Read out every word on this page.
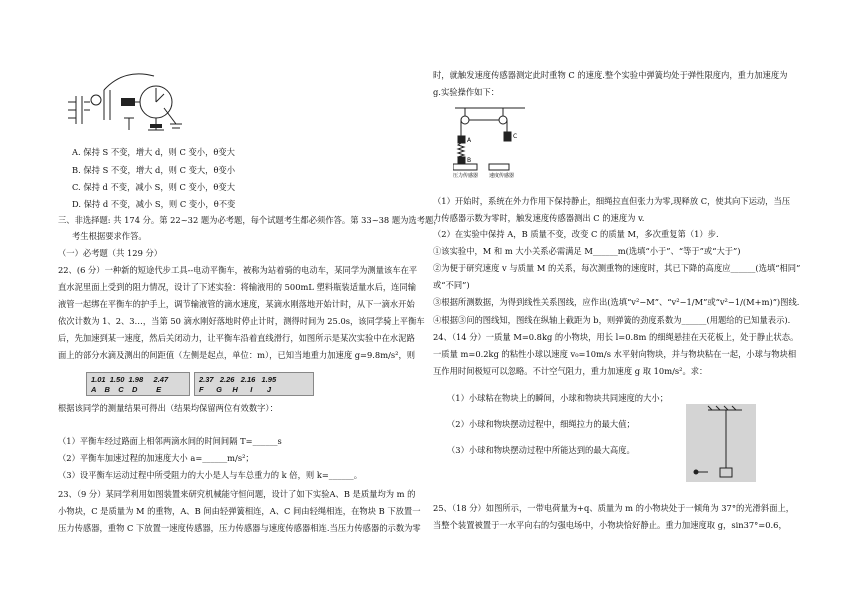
A. 保持 S 不变，增大 d，则 C 变小，θ变大
B. 保持 S 不变，增大 d，则 C 变大，θ变小
C. 保持 d 不变，减小 S，则 C 变小，θ变大
D. 保持 d 不变，减小 S，则 C 变小，θ不变
三、非选择题: 共 174 分。第 22~32 题为必考题，每个试题考生都必须作答。第 33~38 题为选考题，
考生根据要求作答。
（一）必考题（共 129 分）
22、(6 分）一种新的短途代步工具--电动平衡车，被称为站着骑的电动车，某同学为测量该车在平
直水泥里面上受到的阻力情况，设计了下述实验：将输液用的 500mL 塑料瓶装适量水后，连同输
液管一起绑在平衡车的护手上，调节输液管的滴水速度，某滴水刚落地开始计时，从下一滴水开始
依次计数为 1、2、3…，当第 50 滴水刚好落地时停止计时，测得时间为 25.0s，该同学骑上平衡车
后，先加速到某一速度，然后关闭动力，让平衡车沿着直线滑行，如图所示是某次实验中在水泥路
面上的部分水滴及测出的间距值（左侧是起点，单位：m），已知当地重力加速度 g=9.8m/s²，则
1.01  1.50  1.98     2.47
A    B    C    D         E
2.37   2.26   2.16   1.95
F      G     H      I       J
根据该同学的测量结果可得出（结果均保留两位有效数字）：
（1）平衡车经过路面上相邻两滴水间的时间间隔 T=______s
（2）平衡车加速过程的加速度大小 a=______m/s²；
（3）设平衡车运动过程中所受阻力的大小是人与车总重力的 k 倍，则 k=______。
23、（9 分）某同学利用如图装置来研究机械能守恒问题，设计了如下实验A、B 是质量均为 m 的
小物块，C 是质量为 M 的重物，A、B 间由轻弹簧相连，A、C 间由轻绳相连，在物块 B 下放置一
压力传感器，重物 C 下放置一速度传感器，压力传感器与速度传感器相连.当压力传感器的示数为零
时，就触发速度传感器测定此时重物 C 的速度.整个实验中弹簧均处于弹性限度内，重力加速度为
g.实验操作如下：
A
B
C
压力传感器 速度传感器
（1）开始时，系统在外力作用下保持静止，细绳拉直但张力为零,现释放 C，使其向下运动，当压
力传感器示数为零时，触发速度传感器测出 C 的速度为 v.
（2）在实验中保持 A，B 质量不变，改变 C 的质量 M，多次重复第（1）步.
①该实验中，M 和 m 大小关系必需满足 M______m(选填“小于”、“等于”或“大于”)
②为便于研究速度 v 与质量 M 的关系，每次测重物的速度时，其已下降的高度应______(选填“相同”
或“不同”)
③根据所测数据，为得到线性关系图线，应作出(选填“v²−M”、“v²−1/M”或“v²−1/(M+m)”)图线.
④根据③问的图线知，图线在纵轴上截距为 b，则弹簧的劲度系数为______(用题给的已知量表示).
24、（14 分）一质量 M=0.8kg 的小物块，用长 l=0.8m 的细绳悬挂在天花板上，处于静止状态。
一质量 m=0.2kg 的粘性小球以速度 v₀=10m/s 水平射向物块，并与物块粘在一起，小球与物块相
互作用时间极短可以忽略。不计空气阻力，重力加速度 g 取 10m/s²。求：
（1）小球粘在物块上的瞬间，小球和物块共同速度的大小；
（2）小球和物块摆动过程中，细绳拉力的最大值；
（3）小球和物块摆动过程中所能达到的最大高度。
25、（18 分）如图所示，一带电荷量为+q、质量为 m 的小物块处于一倾角为 37°的光滑斜面上，
当整个装置被置于一水平向右的匀强电场中，小物块恰好静止。重力加速度取 g，sin37°=0.6，
